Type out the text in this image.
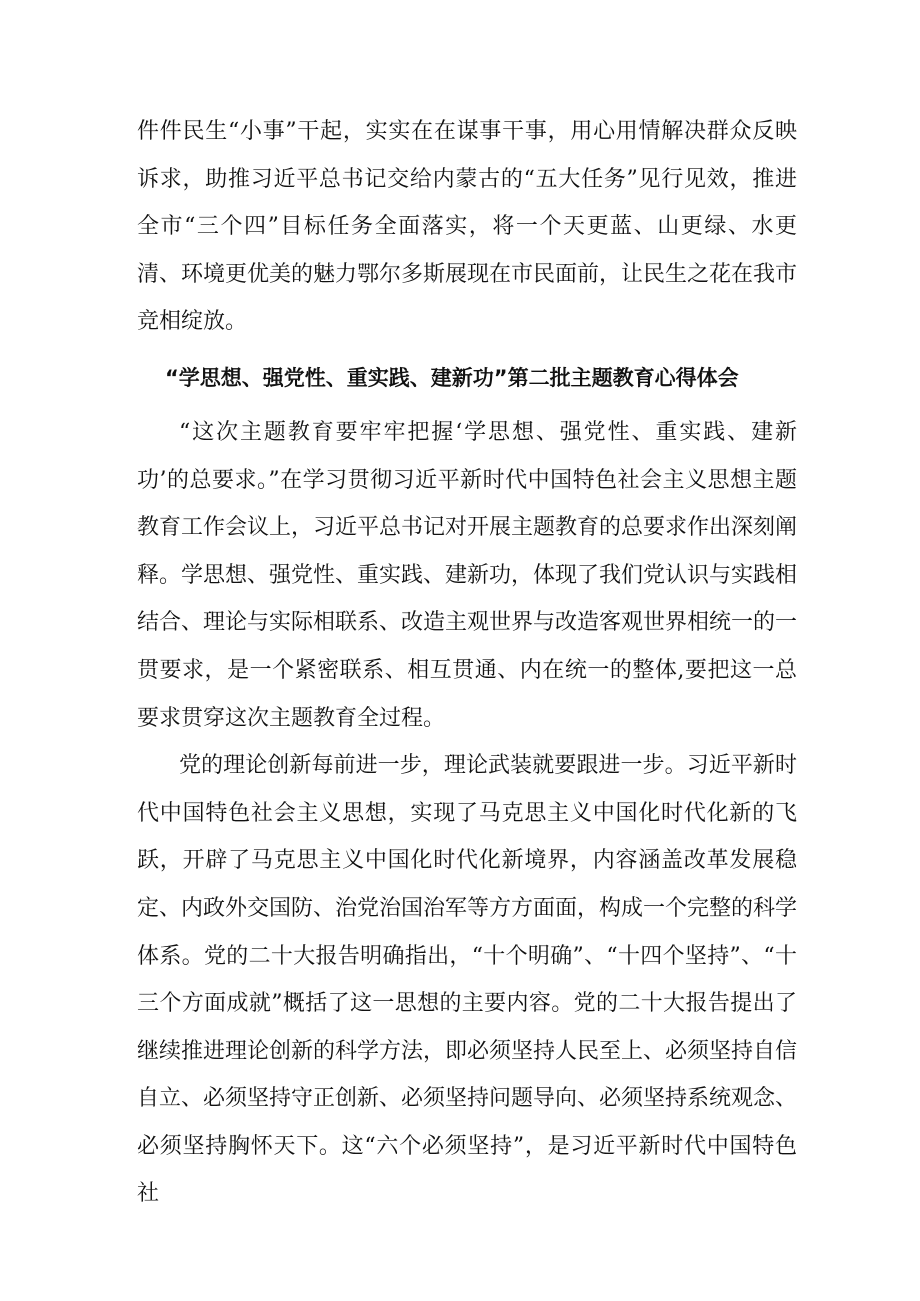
件件民生“小事”干起，实实在在谋事干事，用心用情解决群众反映诉求，助推习近平总书记交给内蒙古的“五大任务”见行见效，推进全市“三个四”目标任务全面落实，将一个天更蓝、山更绿、水更清、环境更优美的魅力鄂尔多斯展现在市民面前，让民生之花在我市竞相绽放。

“学思想、强党性、重实践、建新功”第二批主题教育心得体会

“这次主题教育要牢牢把握‘学思想、强党性、重实践、建新功’的总要求。”在学习贯彻习近平新时代中国特色社会主义思想主题教育工作会议上，习近平总书记对开展主题教育的总要求作出深刻阐释。学思想、强党性、重实践、建新功，体现了我们党认识与实践相结合、理论与实际相联系、改造主观世界与改造客观世界相统一的一贯要求，是一个紧密联系、相互贯通、内在统一的整体,要把这一总要求贯穿这次主题教育全过程。

党的理论创新每前进一步，理论武装就要跟进一步。习近平新时代中国特色社会主义思想，实现了马克思主义中国化时代化新的飞跃，开辟了马克思主义中国化时代化新境界，内容涵盖改革发展稳定、内政外交国防、治党治国治军等方方面面，构成一个完整的科学体系。党的二十大报告明确指出，“十个明确”、“十四个坚持”、“十三个方面成就”概括了这一思想的主要内容。党的二十大报告提出了继续推进理论创新的科学方法，即必须坚持人民至上、必须坚持自信自立、必须坚持守正创新、必须坚持问题导向、必须坚持系统观念、必须坚持胸怀天下。这“六个必须坚持”，是习近平新时代中国特色社
